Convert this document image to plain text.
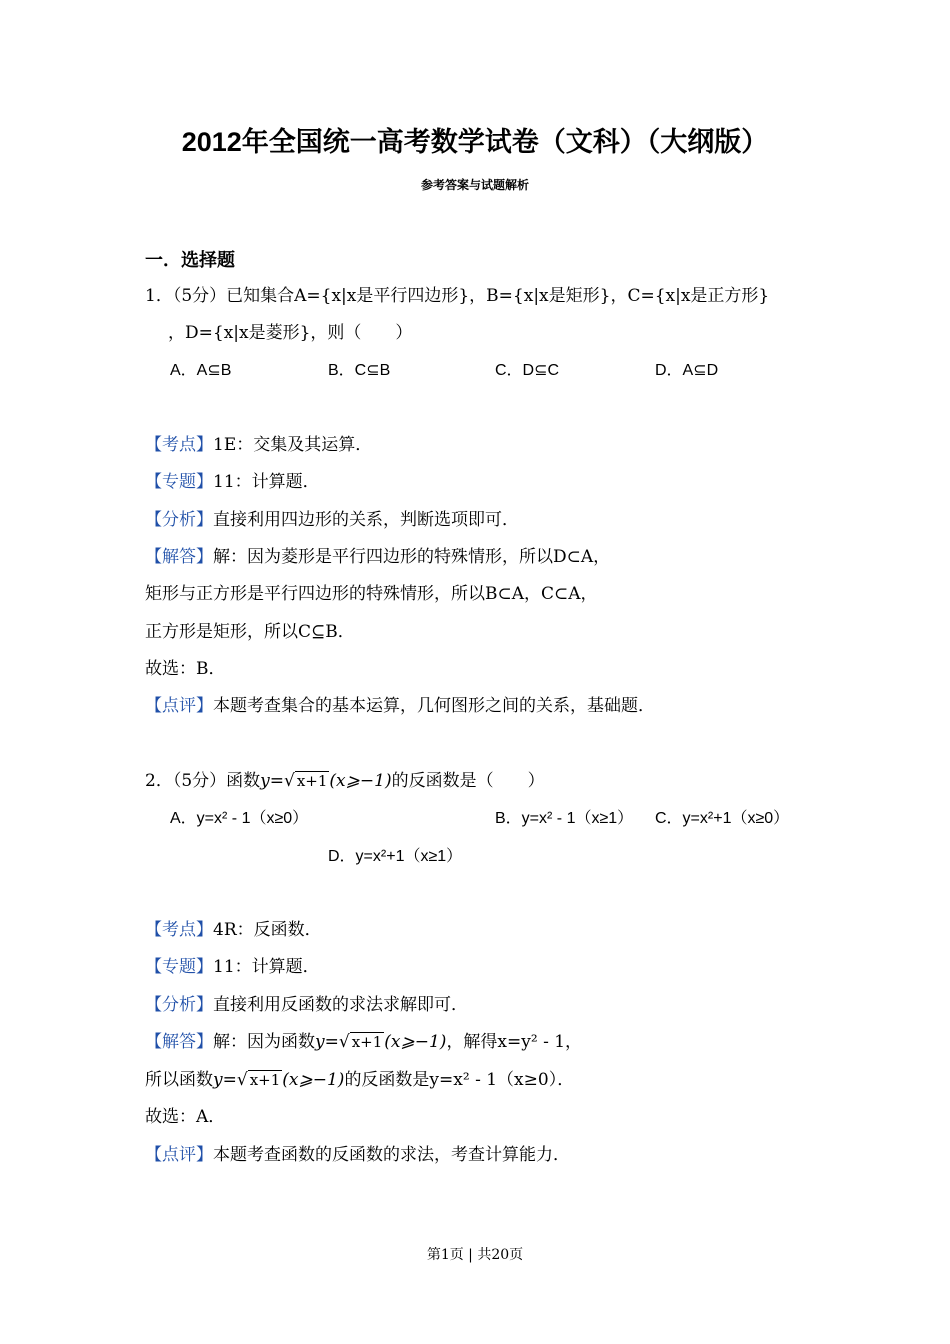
2012年全国统一高考数学试卷（文科）（大纲版）
参考答案与试题解析
一．选择题
1．（5分）已知集合A={x|x是平行四边形}，B={x|x是矩形}，C={x|x是正方形}
，D={x|x是菱形}，则（　　）
A．A⊆B	B．C⊆B	C．D⊆C	D．A⊆D
【考点】1E：交集及其运算．
【专题】11：计算题．
【分析】直接利用四边形的关系，判断选项即可．
【解答】解：因为菱形是平行四边形的特殊情形，所以D⊂A，
矩形与正方形是平行四边形的特殊情形，所以B⊂A，C⊂A，
正方形是矩形，所以C⊆B．
故选：B．
【点评】本题考查集合的基本运算，几何图形之间的关系，基础题．
2．（5分）函数y=√ x+1 (x⩾−1)的反函数是（　　）
A．y=x² - 1（x≥0）	B．y=x² - 1（x≥1） C．y=x²+1（x≥0）
D．y=x²+1（x≥1）
【考点】4R：反函数．
【专题】11：计算题．
【分析】直接利用反函数的求法求解即可．
【解答】解：因为函数y=√ x+1 (x⩾−1)，解得x=y² - 1，
所以函数y=√ x+1 (x⩾−1)的反函数是y=x² - 1（x≥0）．
故选：A．
【点评】本题考查函数的反函数的求法，考查计算能力．
第1页 | 共20页
